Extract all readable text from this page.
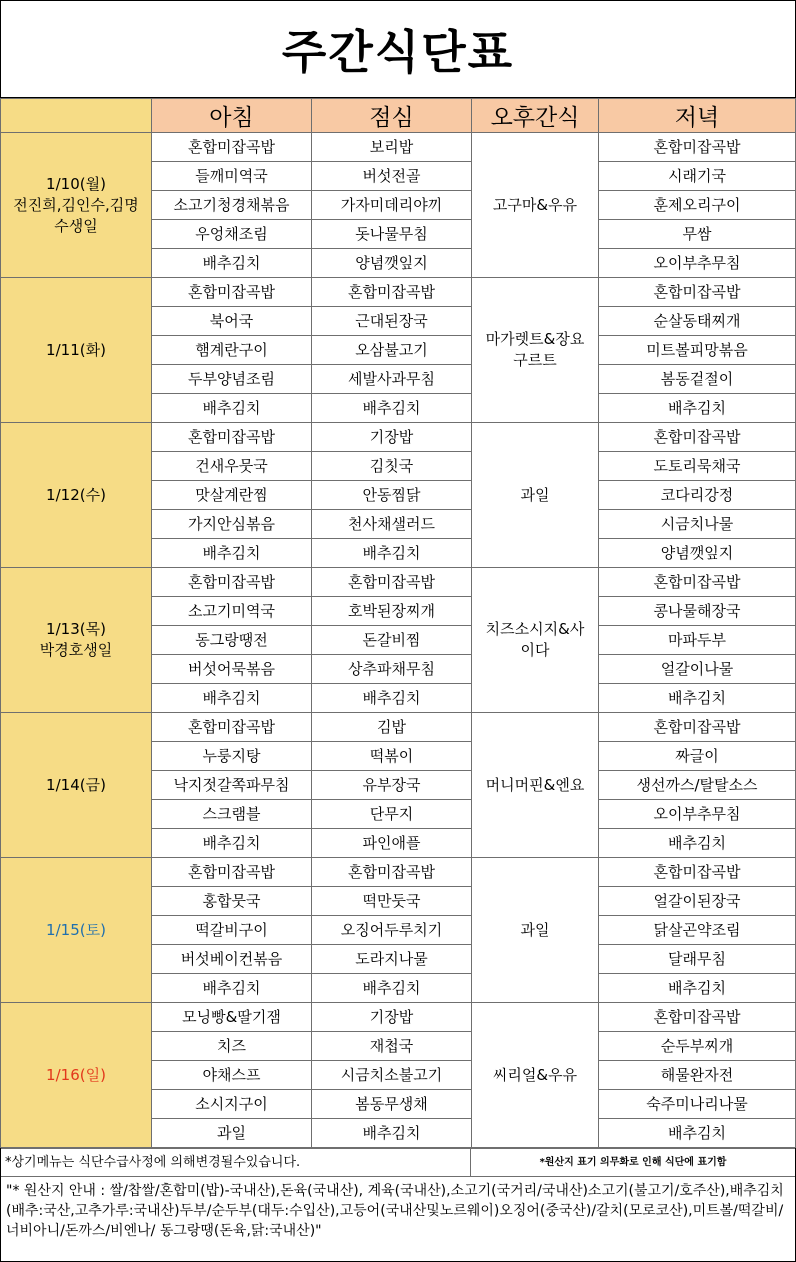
주간식단표
	아침	점심	오후간식	저녁

1/10(월)
전진희,김인수,김명수생일	혼합미잡곡밥	보리밥	고구마&우유	혼합미잡곡밥
	들깨미역국	버섯전골		시래기국
	소고기청경채볶음	가자미데리야끼		훈제오리구이
	우엉채조림	돗나물무침		무쌈
	배추김치	양념깻잎지		오이부추무침

1/11(화)	혼합미잡곡밥	혼합미잡곡밥	마가렛트&장요구르트	혼합미잡곡밥
	북어국	근대된장국		순살동태찌개
	햄계란구이	오삼불고기		미트볼피망볶음
	두부양념조림	세발사과무침		봄동겉절이
	배추김치	배추김치		배추김치

1/12(수)	혼합미잡곡밥	기장밥	과일	혼합미잡곡밥
	건새우뭇국	김칫국		도토리묵채국
	맛살계란찜	안동찜닭		코다리강정
	가지안심볶음	천사채샐러드		시금치나물
	배추김치	배추김치		양념깻잎지

1/13(목)
박경호생일	혼합미잡곡밥	혼합미잡곡밥	치즈소시지&사이다	혼합미잡곡밥
	소고기미역국	호박된장찌개		콩나물해장국
	동그랑땡전	돈갈비찜		마파두부
	버섯어묵볶음	상추파채무침		얼갈이나물
	배추김치	배추김치		배추김치

1/14(금)	혼합미잡곡밥	김밥	머니머핀&엔요	혼합미잡곡밥
	누룽지탕	떡볶이		짜글이
	낙지젓갈쪽파무침	유부장국		생선까스/탈탈소스
	스크램블	단무지		오이부추무침
	배추김치	파인애플		배추김치

1/15(토)	혼합미잡곡밥	혼합미잡곡밥	과일	혼합미잡곡밥
	홍합뭇국	떡만둣국		얼갈이된장국
	떡갈비구이	오징어두루치기		닭살곤약조림
	버섯베이컨볶음	도라지나물		달래무침
	배추김치	배추김치		배추김치

1/16(일)	모닝빵&딸기잼	기장밥	씨리얼&우유	혼합미잡곡밥
	치즈	재첩국		순두부찌개
	야채스프	시금치소불고기		해물완자전
	소시지구이	봄동무생채		숙주미나리나물
	과일	배추김치		배추김치
*상기메뉴는 식단수급사정에 의해변경될수있습니다.	*원산지 표기 의무화로 인해 식단에 표기함
"* 원산지 안내 : 쌀/찹쌀/혼합미(밥)-국내산),돈육(국내산), 계육(국내산),소고기(국거리/국내산)소고기(불고기/호주산),배추김치(배추:국산,고추가루:국내산)두부/순두부(대두:수입산),고등어(국내산및노르웨이)오징어(중국산)/갈치(모로코산),미트볼/떡갈비/너비아니/돈까스/비엔나/ 동그랑땡(돈육,닭:국내산)"
